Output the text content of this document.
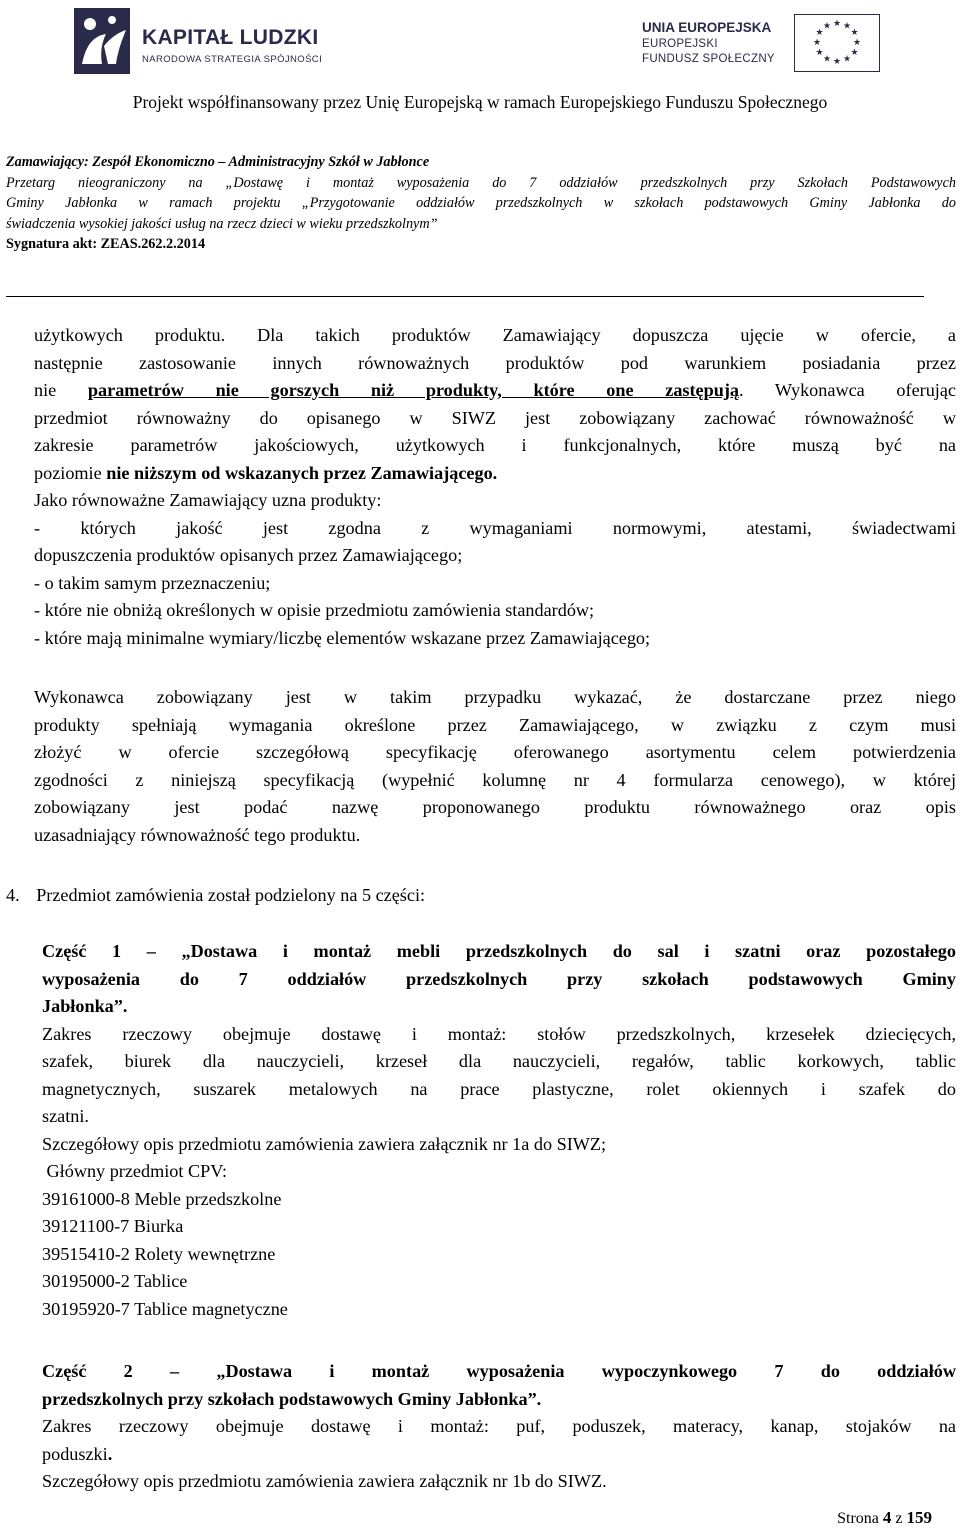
KAPITAŁ LUDZKI
NARODOWA STRATEGIA SPÓJNOŚCI
UNIA EUROPEJSKA
EUROPEJSKI
FUNDUSZ SPOŁECZNY
★ ★
★
★
★
★
★
★
★
★
★
★
Projekt współfinansowany przez Unię Europejską w ramach Europejskiego Funduszu Społecznego
Zamawiający: Zespół Ekonomiczno – Administracyjny Szkół w Jabłonce
Przetarg nieograniczony na „Dostawę i montaż wyposażenia do 7 oddziałów przedszkolnych przy Szkołach Podstawowych
Gminy Jabłonka w ramach projektu „Przygotowanie oddziałów przedszkolnych w szkołach podstawowych Gminy Jabłonka do
świadczenia wysokiej jakości usług na rzecz dzieci w wieku przedszkolnym”
Sygnatura akt: ZEAS.262.2.2014
użytkowych produktu. Dla takich produktów Zamawiający dopuszcza ujęcie w ofercie, a
następnie zastosowanie innych równoważnych produktów pod warunkiem posiadania przez
nie parametrów nie gorszych niż produkty, które one zastępują. Wykonawca oferując
przedmiot równoważny do opisanego w SIWZ jest zobowiązany zachować równoważność w
zakresie parametrów jakościowych, użytkowych i funkcjonalnych, które muszą być na
poziomie nie niższym od wskazanych przez Zamawiającego.
Jako równoważne Zamawiający uzna produkty:
- których jakość jest zgodna z wymaganiami normowymi, atestami, świadectwami
dopuszczenia produktów opisanych przez Zamawiającego;
- o takim samym przeznaczeniu;
- które nie obniżą określonych w opisie przedmiotu zamówienia standardów;
- które mają minimalne wymiary/liczbę elementów wskazane przez Zamawiającego;
Wykonawca zobowiązany jest w takim przypadku wykazać, że dostarczane przez niego
produkty spełniają wymagania określone przez Zamawiającego, w związku z czym musi
złożyć w ofercie szczegółową specyfikację oferowanego asortymentu celem potwierdzenia
zgodności z niniejszą specyfikacją (wypełnić kolumnę nr 4 formularza cenowego), w której
zobowiązany jest podać nazwę proponowanego produktu równoważnego oraz opis
uzasadniający równoważność tego produktu.
4. Przedmiot zamówienia został podzielony na 5 części:
Część 1 – „Dostawa i montaż mebli przedszkolnych do sal i szatni oraz pozostałego
wyposażenia do 7 oddziałów przedszkolnych przy szkołach podstawowych Gminy
Jabłonka”.
Zakres rzeczowy obejmuje dostawę i montaż: stołów przedszkolnych, krzesełek dziecięcych,
szafek, biurek dla nauczycieli, krzeseł dla nauczycieli, regałów, tablic korkowych, tablic
magnetycznych, suszarek metalowych na prace plastyczne, rolet okiennych i szafek do
szatni.
Szczegółowy opis przedmiotu zamówienia zawiera załącznik nr 1a do SIWZ;
Główny przedmiot CPV:
39161000-8 Meble przedszkolne
39121100-7 Biurka
39515410-2 Rolety wewnętrzne
30195000-2 Tablice
30195920-7 Tablice magnetyczne
Część 2 – „Dostawa i montaż wyposażenia wypoczynkowego 7 do oddziałów
przedszkolnych przy szkołach podstawowych Gminy Jabłonka”.
Zakres rzeczowy obejmuje dostawę i montaż: puf, poduszek, materacy, kanap, stojaków na
poduszki.
Szczegółowy opis przedmiotu zamówienia zawiera załącznik nr 1b do SIWZ.
Strona 4 z 159
